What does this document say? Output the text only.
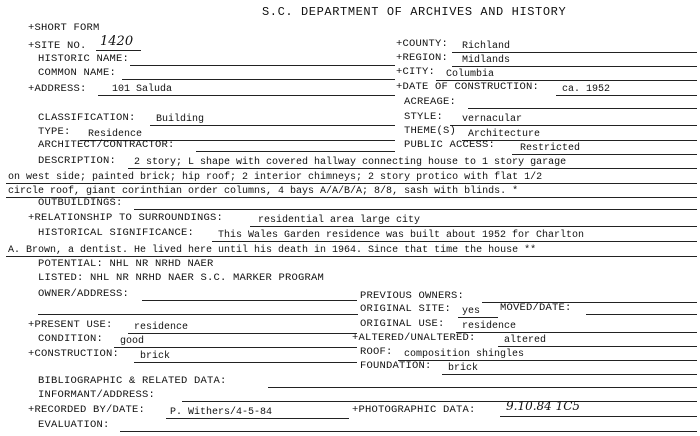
S.C. DEPARTMENT OF ARCHIVES AND HISTORY
+SHORT FORM
+SITE NO. 1420	+COUNTY: Richland
HISTORIC NAME:	+REGION: Midlands
COMMON NAME:	+CITY: Columbia
+ADDRESS:	101 Saluda	+DATE OF CONSTRUCTION: ca. 1952
ACREAGE:
CLASSIFICATION: Building	STYLE: vernacular
TYPE: Residence	THEME(S) Architecture
ARCHITECT/CONTRACTOR:	PUBLIC ACCESS: Restricted
DESCRIPTION: 2 story; L shape with covered hallway connecting house to 1 story garage
on west side; painted brick; hip roof; 2 interior chimneys; 2 story protico with flat 1/2
circle roof, giant corinthian order columns, 4 bays A/A/B/A; 8/8, sash with blinds. *
OUTBUILDINGS:
+RELATIONSHIP TO SURROUNDINGS:	residential area large city
HISTORICAL SIGNIFICANCE: This Wales Garden residence was built about 1952 for Charlton
A. Brown, a dentist. He lived here until his death in 1964. Since that time the house **
POTENTIAL: NHL NR NRHD NAER
LISTED: NHL NR NRHD NAER S.C. MARKER PROGRAM
OWNER/ADDRESS:	PREVIOUS OWNERS:
ORIGINAL SITE: yes MOVED/DATE:
+PRESENT USE: residence	ORIGINAL USE: residence
CONDITION: good	+ALTERED/UNALTERED:	altered
+CONSTRUCTION: brick	ROOF: composition shingles
FOUNDATION: brick
BIBLIOGRAPHIC & RELATED DATA:
INFORMANT/ADDRESS:
+RECORDED BY/DATE: P. Withers/4-5-84	+PHOTOGRAPHIC DATA:	9.10.84 1C5
EVALUATION:
